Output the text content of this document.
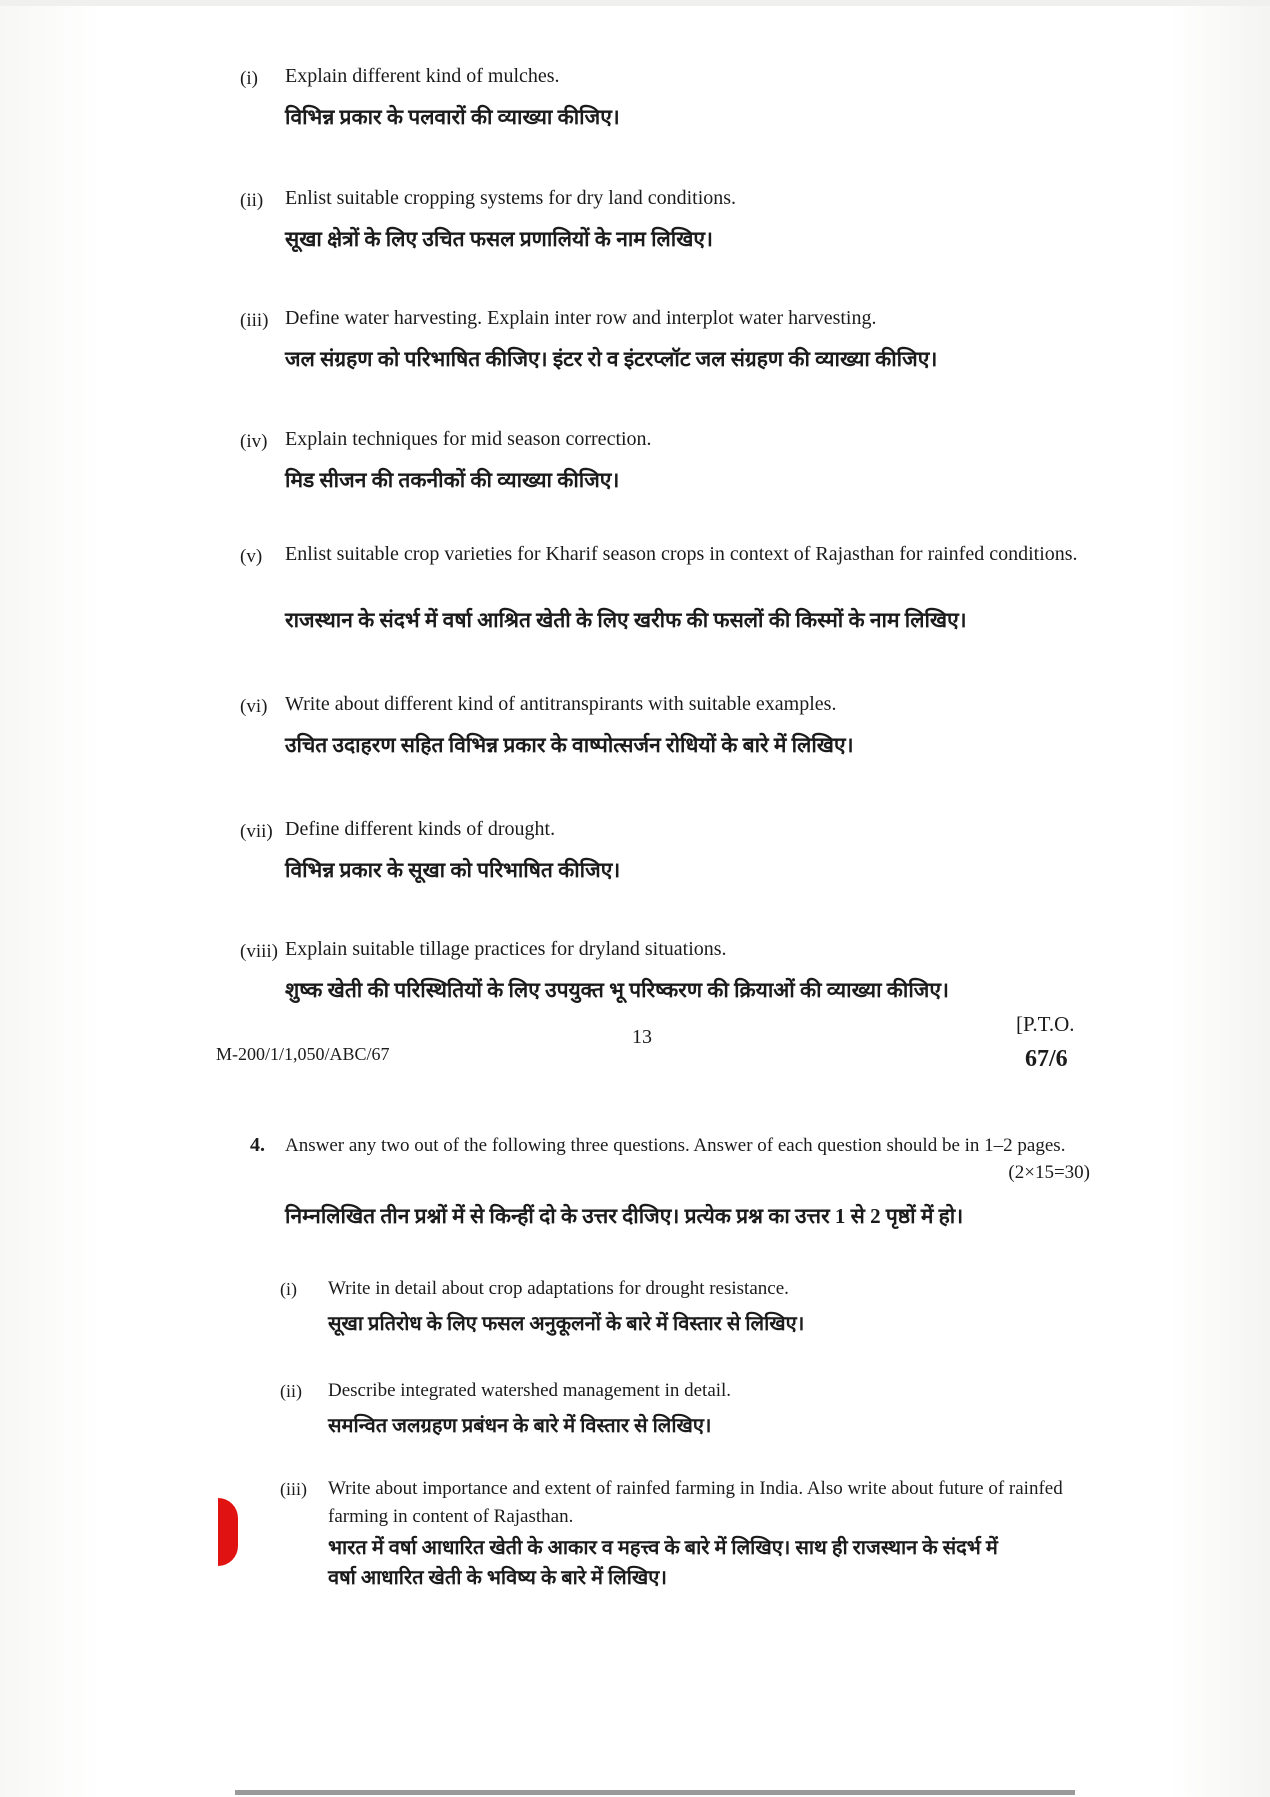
(i) Explain different kind of mulches.
विभिन्न प्रकार के पलवारों की व्याख्या कीजिए।
(ii) Enlist suitable cropping systems for dry land conditions.
सूखा क्षेत्रों के लिए उचित फसल प्रणालियों के नाम लिखिए।
(iii) Define water harvesting. Explain inter row and interplot water harvesting.
जल संग्रहण को परिभाषित कीजिए। इंटर रो व इंटरप्लॉट जल संग्रहण की व्याख्या कीजिए।
(iv) Explain techniques for mid season correction.
मिड सीजन की तकनीकों की व्याख्या कीजिए।
(v) Enlist suitable crop varieties for Kharif season crops in context of Rajasthan for rainfed conditions.
राजस्थान के संदर्भ में वर्षा आश्रित खेती के लिए खरीफ की फसलों की किस्मों के नाम लिखिए।
(vi) Write about different kind of antitranspirants with suitable examples.
उचित उदाहरण सहित विभिन्न प्रकार के वाष्पोत्सर्जन रोधियों के बारे में लिखिए।
(vii) Define different kinds of drought.
विभिन्न प्रकार के सूखा को परिभाषित कीजिए।
(viii) Explain suitable tillage practices for dryland situations.
शुष्क खेती की परिस्थितियों के लिए उपयुक्त भू परिष्करण की क्रियाओं की व्याख्या कीजिए।
13
[P.T.O.
M-200/1/1,050/ABC/67	67/6
4. Answer any two out of the following three questions. Answer of each question should be in 1–2 pages.
(2×15=30)
निम्नलिखित तीन प्रश्नों में से किन्हीं दो के उत्तर दीजिए। प्रत्येक प्रश्न का उत्तर 1 से 2 पृष्ठों में हो।
(i) Write in detail about crop adaptations for drought resistance.
सूखा प्रतिरोध के लिए फसल अनुकूलनों के बारे में विस्तार से लिखिए।
(ii) Describe integrated watershed management in detail.
समन्वित जलग्रहण प्रबंधन के बारे में विस्तार से लिखिए।
(iii) Write about importance and extent of rainfed farming in India. Also write about future of rainfed farming in content of Rajasthan.
भारत में वर्षा आधारित खेती के आकार व महत्त्व के बारे में लिखिए। साथ ही राजस्थान के संदर्भ में
वर्षा आधारित खेती के भविष्य के बारे में लिखिए।
